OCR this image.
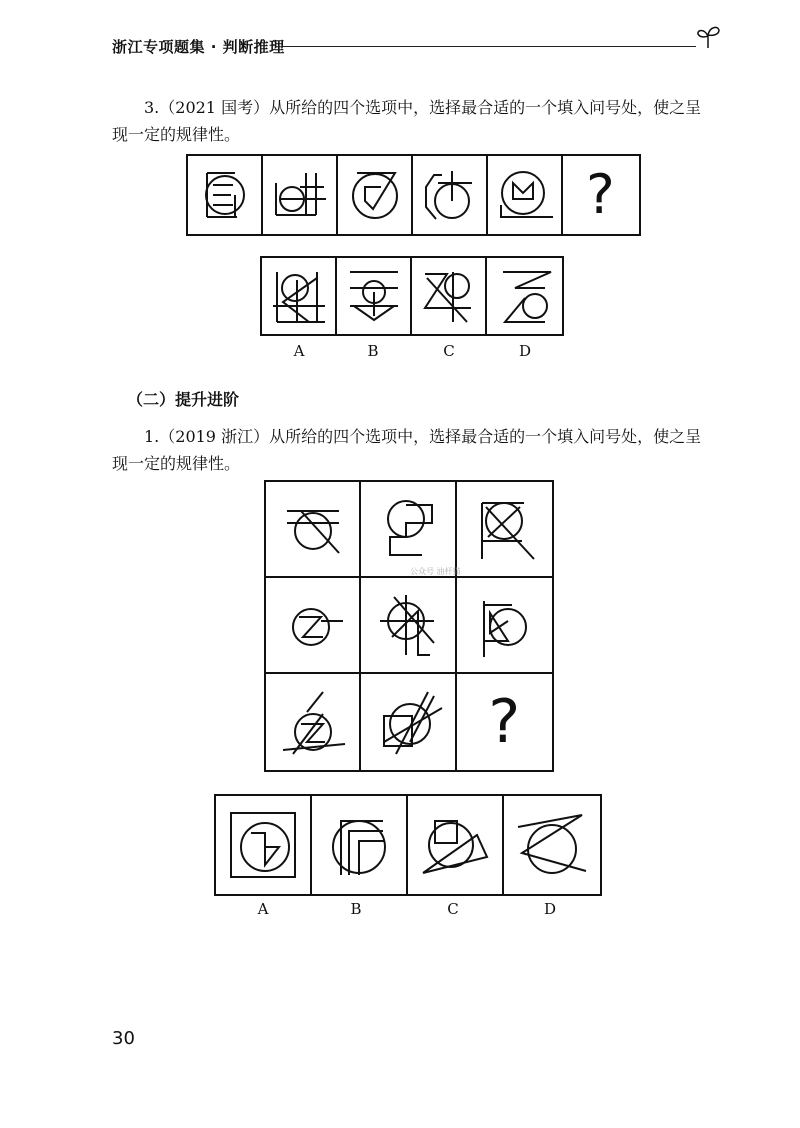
浙江专项题集 · 判断推理
3.（2021 国考）从所给的四个选项中，选择最合适的一个填入问号处，使之呈现一定的规律性。
?
A	B	C	D
（二）提升进阶
1.（2019 浙江）从所给的四个选项中，选择最合适的一个填入问号处，使之呈现一定的规律性。
?
公众号 油杆猫
A	B	C	D
30
